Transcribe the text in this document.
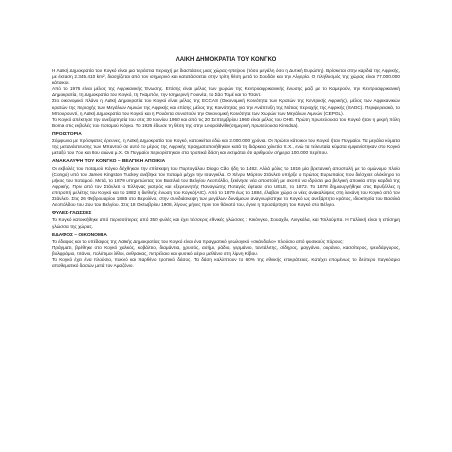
ΛΑΙΚΗ ΔΗΜΟΚΡΑΤΙΑ ΤΟΥ ΚΟΝΓΚΟ

Η Λαϊκή Δημοκρατία του Κογκό είναι μια τεράστια περιοχή με διαστάσεις μιας χώρας-ηπείρου (τόσο μεγάλη όσο η Δυτική Ευρώπη). Βρίσκεται στην καρδιά της Αφρικής, με έκταση 2.345.410 km², διασχίζεται από τον ισημερινό και κατατάσσεται στην τρίτη θέση μετά το Σουδάν και την Αλγερία. Ο πληθυσμός της χώρας είναι 77.000.000 κάτοικοι.

Από το 1976 είναι μέλος της Αφρικανικής Ένωσης. Επίσης είναι μέλος των χωρών της Κεντροαφρικανικής ένωσης μαζί με το Καμερούν, την Κεντροαφρικανική Δημοκρατία, τη Δημοκρατία του Κογκό, τη Γκαμπόν, την Ισημερινή Γουινέα, το Σάο Τομέ και το Τσαντ.

Στο οικονομικό πλάνο η Λαϊκή Δημοκρατία του Κογκό είναι μέλος της ECCAS (Οικονομική Κοινότητα των Κρατών της Κεντρικής Αφρικής), μέλος των Αφρικανικών κρατών της περιοχής των Μεγάλων Λιμνών της Αφρικής και επίσης μέλος της Κοινότητας για την Ανάπτυξη της Νότιας περιοχής της Αφρικής (SADC). Περιφερειακά, το Μπουρουντί, η Λαϊκή Δημοκρατία του Κογκό και η Ρουάντα συνιστούν την Οικονομική Κοινότητα των Χωρών των Μεγάλων Λιμνών (CEPGL).

Το Κογκό απέκτησε την ανεξαρτησία του στις 30 Ιουνίου 1960 και από τις 20 Σεπτεμβρίου 1960 είναι μέλος του ΟΗΕ. Πρώτη πρωτεύουσα του Κογκό ήταν η μικρή πόλη Boma στις εκβολές του ποταμού Κόγκο. Το 1926 έδωσε τη θέση της στην Leopoldville(σημερινή πρωτεύουσα Kinsdsa).

ΠΡΟΙΣΤΟΡΙΑ

Σύμφωνα με πρόσφατες έρευνες, η Λαϊκή Δημοκρατία του Κογκό, κατοικείται εδώ και 2.000.000 χρόνια. Οι πρώτοι κάτοικοι του Κογκό ήταν Πυγμαίοι. Τα μεγάλα κύματα της μετανάστευσης των Μπαντού σε αυτό το μέρος της Αφρικής πραγματοποιήθηκαν κατά τη διάρκεια χιλιετία π.Χ., ενώ τα τελευταία κύματα εμφανίστηκαν στο Κογκό μεταξύ του 7ου και 8ου αιώνα μ.Χ. Οι Πυγμαίοι περιορίστηκαν στα τροπικά δάση και εκτιμάται ότι αριθμούν σήμερα 100.000 περίπου.

ΑΝΑΚΑΛΥΨΗ ΤΟΥ ΚΟΝΓΚΟ – ΒΕΛΓΙΚΗ ΑΠΟΙΚΙΑ

Οι εκβολές του ποταμού Κόγκο δέχθηκαν την επίσκεψη του Πορτογάλου Diogo Cão ήδη το 1482. Αλλά μόλις το 1816 μία βρετανική αποστολή με το ομώνυμο πλοίο (Congo) υπό τον James Kingston Tuckey ανέβηκε τον ποταμό μέχρι την Ισανγκίλα. Ο Χένρυ Μόρτον Στάνλεϋ υπήρξε ο πρώτος Ευρωπαίος που διέσχισε ολόκληρο το μήκος του ποταμού. Μετά, το 1879 υπηρετώντας τον Βασιλιά του Βελγίου Λεοπόλδο, ξεκίνησε νέα αποστολή με σκοπό να ιδρύσει μια βελγική αποικία στην καρδιά της Αφρικής. Πριν από τον Στάνλεϋ ο Έλληνας γιατρός και εξερευνητής Παναγιώτης Ποταγός έφτασε στο UELE, το 1872. Το 1878 δημιουργήθηκε στις Βρυξέλλες η επιτροπή μελέτης του Κογκό και το 1882 η διεθνής ένωση του Κογκό(AIC). Από το 1879 έως το 1884, έλαβαν χώρα οι νέες ανακαλύψεις στη λεκάνη του Κογκό από τον Στάνλεϋ. Στις 26 Φεβρουαρίου 1885 στο Βερολίνο, στην συνδιάσκεψη των μεγάλων δυνάμεων αναγνωρίστηκε το Κογκό ως ανεξάρτητο κράτος, ιδιοκτησία του Βασιλιά Λεοπόλδου του 2ου του Βελγίου. Στις 18 Οκτωβρίου 1908, λίγους μήνες πριν τον θάνατό του, έγινε η προσάρτηση του Κογκό στο Βέλγιο.

ΦΥΛΕΣ-ΓΛΩΣΣΕΣ

Το Κογκό κατοικήθηκε από περισσότερες από 350 φυλές και έχει τέσσερις εθνικές γλώσσες : Κικόνγκο, Σουαχίλι, Λινγκάλα, και Τσιλούμπα. Η Γαλλική είναι η επίσημη γλώσσα της χώρας.

ΕΔΑΦΟΣ – ΟΙΚΟΝΟΜΙΑ

Το έδαφος και το υπέδαφος της Λαϊκής Δημοκρατίας του Κογκό είναι ένα πραγματικό γεωλογικό «σκάνδαλο» πλούσιο από φυσικούς πόρους:

Πράγματι, βρέθηκε στο Κογκό χαλκός, κοβάλτιο, διαμάντια, χρυσός, ασήμι, ράδιο, γερμάνιο, ταντάλιτης, σίδηρος, μαγγάνιο, ουράνιο, κασσίτερος, ψευδάργυρος, βολφράμιο, τιτάνιο, πολύτιμοι λίθοι, ανθρακας, πετρέλαιο και φυσικό αέριο μεθάνιο στη λίμνη Κίβου.

Το Κογκό έχει ένα πλούσιο, πυκνό και παρθένο τροπικό δάσος. Τα δάση καλύπτουν το 60% της εθνικής επικράτειας. Κατέχει επομένως το δεύτερο παγκόσμιο αποθεματικό δασών μετά τον Αμαζόνιο.
